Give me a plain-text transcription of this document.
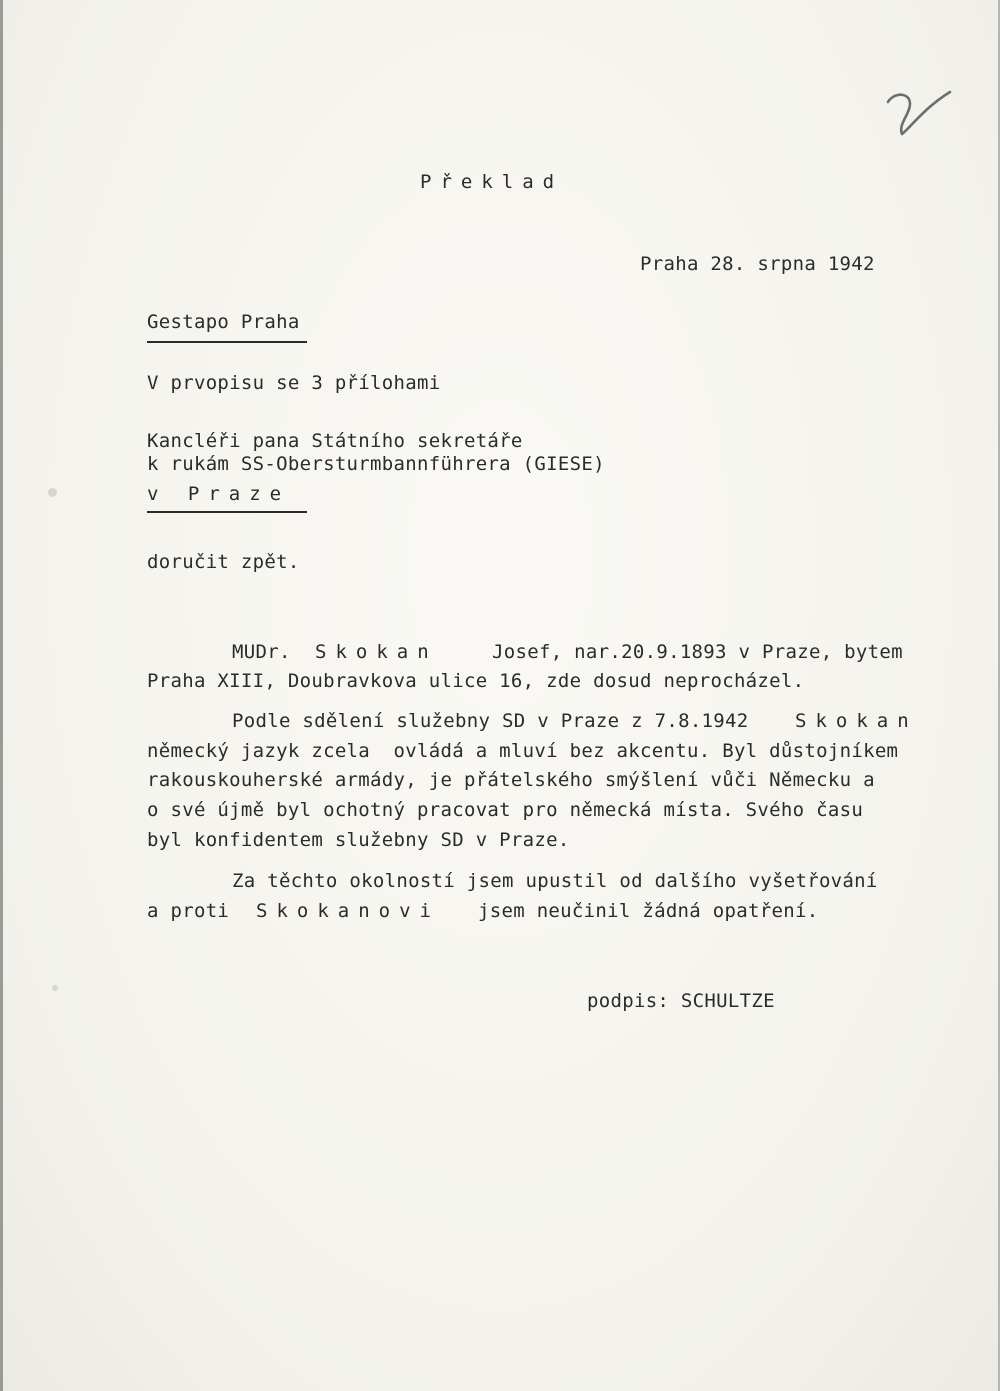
Překlad
Praha 28. srpna 1942
Gestapo Praha
V prvopisu se 3 přílohami
Kancléři pana Státního sekretáře
k rukám SS-Obersturmbannführera (GIESE)
v Praze
doručit zpět.
MUDr. Skokan	Josef, nar.20.9.1893 v Praze, bytem
Praha XIII, Doubravkova ulice 16, zde dosud neprocházel.
Podle sdělení služebny SD v Praze z 7.8.1942 Skokan
německý jazyk zcela  ovládá a mluví bez akcentu. Byl důstojníkem
rakouskouherské armády, je přátelského smýšlení vůči Německu a
o své újmě byl ochotný pracovat pro německá místa. Svého času
byl konfidentem služebny SD v Praze.
Za těchto okolností jsem upustil od dalšího vyšetřování
a proti Skokanovi jsem neučinil žádná opatření.
podpis: SCHULTZE
